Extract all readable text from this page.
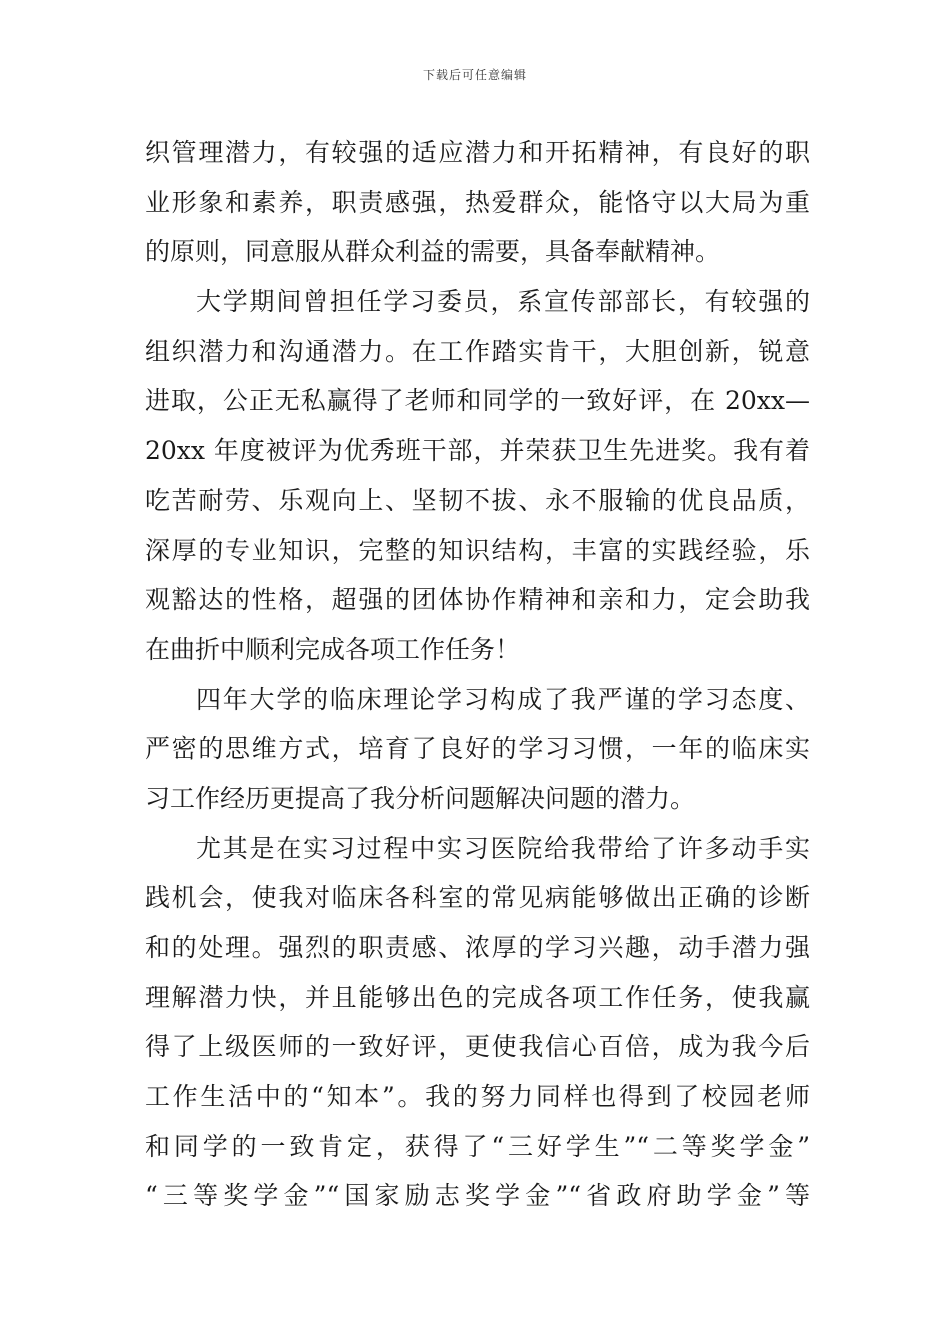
下载后可任意编辑
织管理潜力，有较强的适应潜力和开拓精神，有良好的职
业形象和素养，职责感强，热爱群众，能恪守以大局为重
的原则，同意服从群众利益的需要，具备奉献精神。
大学期间曾担任学习委员，系宣传部部长，有较强的
组织潜力和沟通潜力。在工作踏实肯干，大胆创新，锐意
进取，公正无私赢得了老师和同学的一致好评，在 20xx—
20xx 年度被评为优秀班干部，并荣获卫生先进奖。我有着
吃苦耐劳、乐观向上、坚韧不拔、永不服输的优良品质，
深厚的专业知识，完整的知识结构，丰富的实践经验，乐
观豁达的性格，超强的团体协作精神和亲和力，定会助我
在曲折中顺利完成各项工作任务！
四年大学的临床理论学习构成了我严谨的学习态度、
严密的思维方式，培育了良好的学习习惯，一年的临床实
习工作经历更提高了我分析问题解决问题的潜力。
尤其是在实习过程中实习医院给我带给了许多动手实
践机会，使我对临床各科室的常见病能够做出正确的诊断
和的处理。强烈的职责感、浓厚的学习兴趣，动手潜力强
理解潜力快，并且能够出色的完成各项工作任务，使我赢
得了上级医师的一致好评，更使我信心百倍，成为我今后
工作生活中的“知本”。我的努力同样也得到了校园老师
和同学的一致肯定，获得了“三好学生”“二等奖学金”
“三等奖学金”“国家励志奖学金”“省政府助学金”等
